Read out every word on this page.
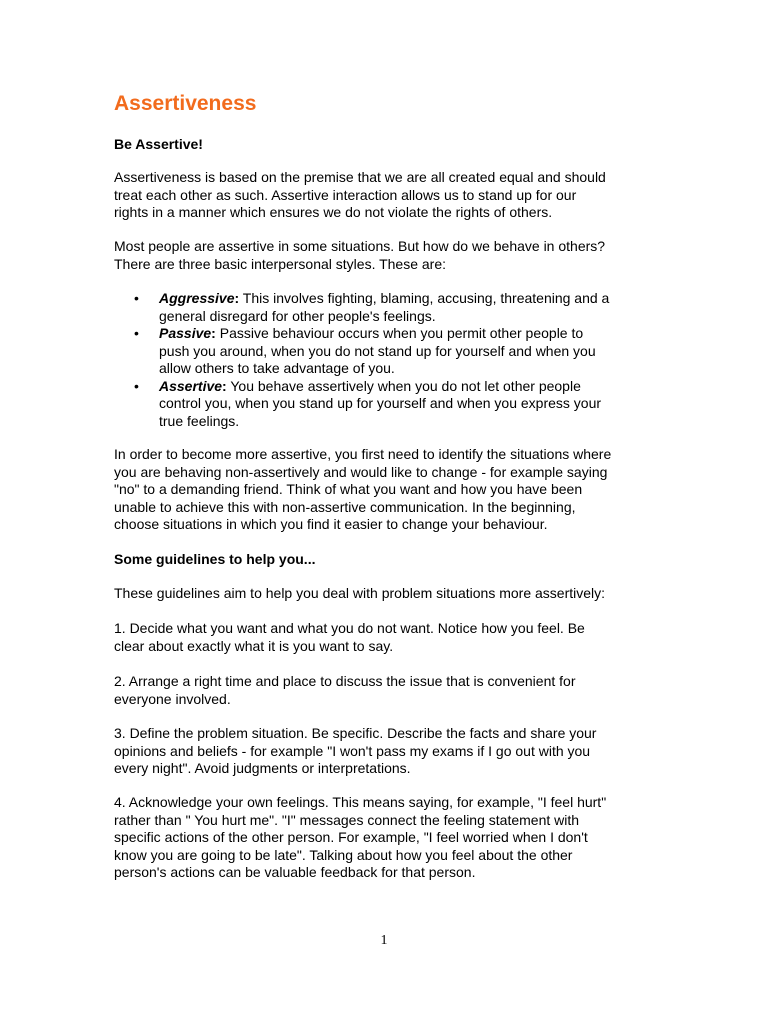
Assertiveness
Be Assertive!
Assertiveness is based on the premise that we are all created equal and should
treat each other as such. Assertive interaction allows us to stand up for our
rights in a manner which ensures we do not violate the rights of others.
Most people are assertive in some situations. But how do we behave in others?
There are three basic interpersonal styles. These are:
• Aggressive: This involves fighting, blaming, accusing, threatening and a
general disregard for other people's feelings.
• Passive: Passive behaviour occurs when you permit other people to
push you around, when you do not stand up for yourself and when you
allow others to take advantage of you.
• Assertive: You behave assertively when you do not let other people
control you, when you stand up for yourself and when you express your
true feelings.
In order to become more assertive, you first need to identify the situations where
you are behaving non-assertively and would like to change - for example saying
"no" to a demanding friend. Think of what you want and how you have been
unable to achieve this with non-assertive communication. In the beginning,
choose situations in which you find it easier to change your behaviour.
Some guidelines to help you...
These guidelines aim to help you deal with problem situations more assertively:
1. Decide what you want and what you do not want. Notice how you feel. Be
clear about exactly what it is you want to say.
2. Arrange a right time and place to discuss the issue that is convenient for
everyone involved.
3. Define the problem situation. Be specific. Describe the facts and share your
opinions and beliefs - for example "I won't pass my exams if I go out with you
every night". Avoid judgments or interpretations.
4. Acknowledge your own feelings. This means saying, for example, "I feel hurt"
rather than " You hurt me". "I" messages connect the feeling statement with
specific actions of the other person. For example, "I feel worried when I don't
know you are going to be late". Talking about how you feel about the other
person's actions can be valuable feedback for that person.
1
